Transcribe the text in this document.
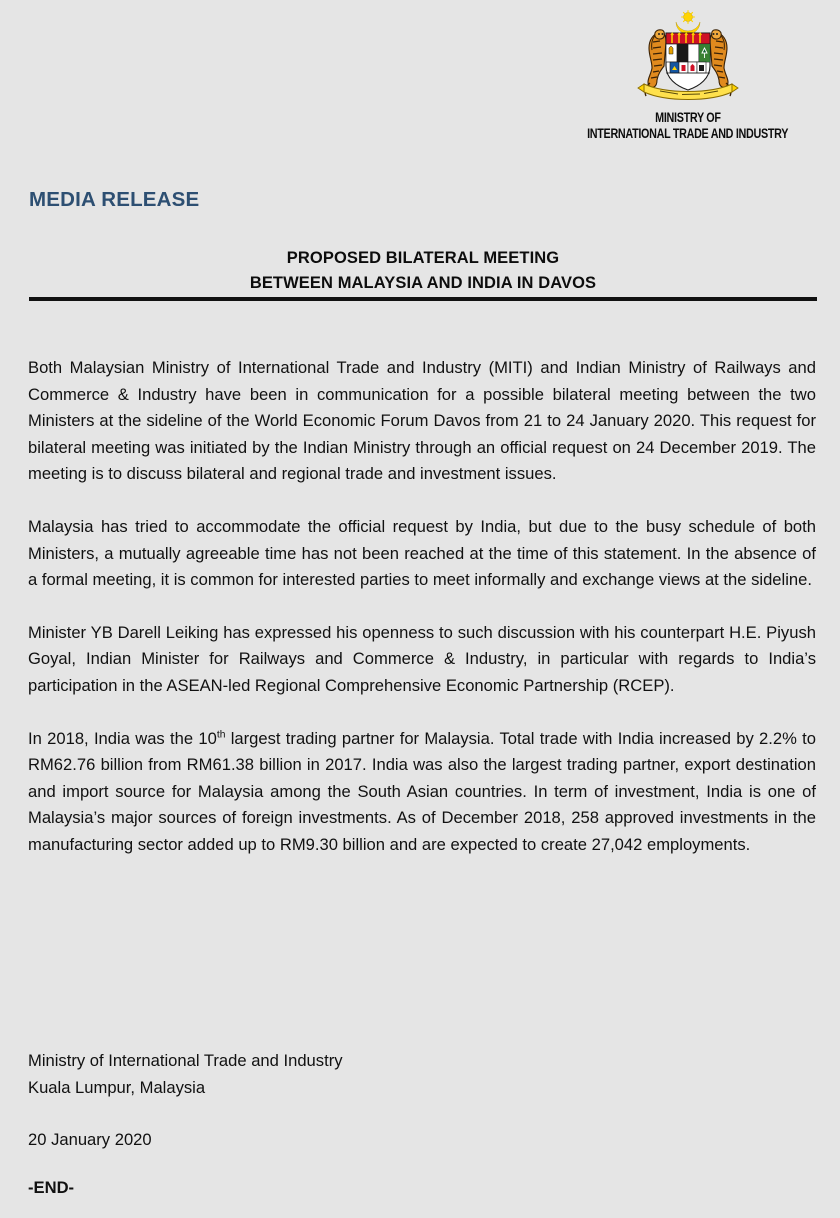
MINISTRY OF
INTERNATIONAL TRADE AND INDUSTRY
MEDIA RELEASE
PROPOSED BILATERAL MEETING
BETWEEN MALAYSIA AND INDIA IN DAVOS

Both Malaysian Ministry of International Trade and Industry (MITI) and Indian Ministry of Railways and Commerce & Industry have been in communication for a possible bilateral meeting between the two Ministers at the sideline of the World Economic Forum Davos from 21 to 24 January 2020. This request for bilateral meeting was initiated by the Indian Ministry through an official request on 24 December 2019. The meeting is to discuss bilateral and regional trade and investment issues.

Malaysia has tried to accommodate the official request by India, but due to the busy schedule of both Ministers, a mutually agreeable time has not been reached at the time of this statement. In the absence of a formal meeting, it is common for interested parties to meet informally and exchange views at the sideline.

Minister YB Darell Leiking has expressed his openness to such discussion with his counterpart H.E. Piyush Goyal, Indian Minister for Railways and Commerce & Industry, in particular with regards to India’s participation in the ASEAN-led Regional Comprehensive Economic Partnership (RCEP).

In 2018, India was the 10th largest trading partner for Malaysia. Total trade with India increased by 2.2% to RM62.76 billion from RM61.38 billion in 2017. India was also the largest trading partner, export destination and import source for Malaysia among the South Asian countries. In term of investment, India is one of Malaysia’s major sources of foreign investments. As of December 2018, 258 approved investments in the manufacturing sector added up to RM9.30 billion and are expected to create 27,042 employments.

Ministry of International Trade and Industry
Kuala Lumpur, Malaysia
20 January 2020
-END-
